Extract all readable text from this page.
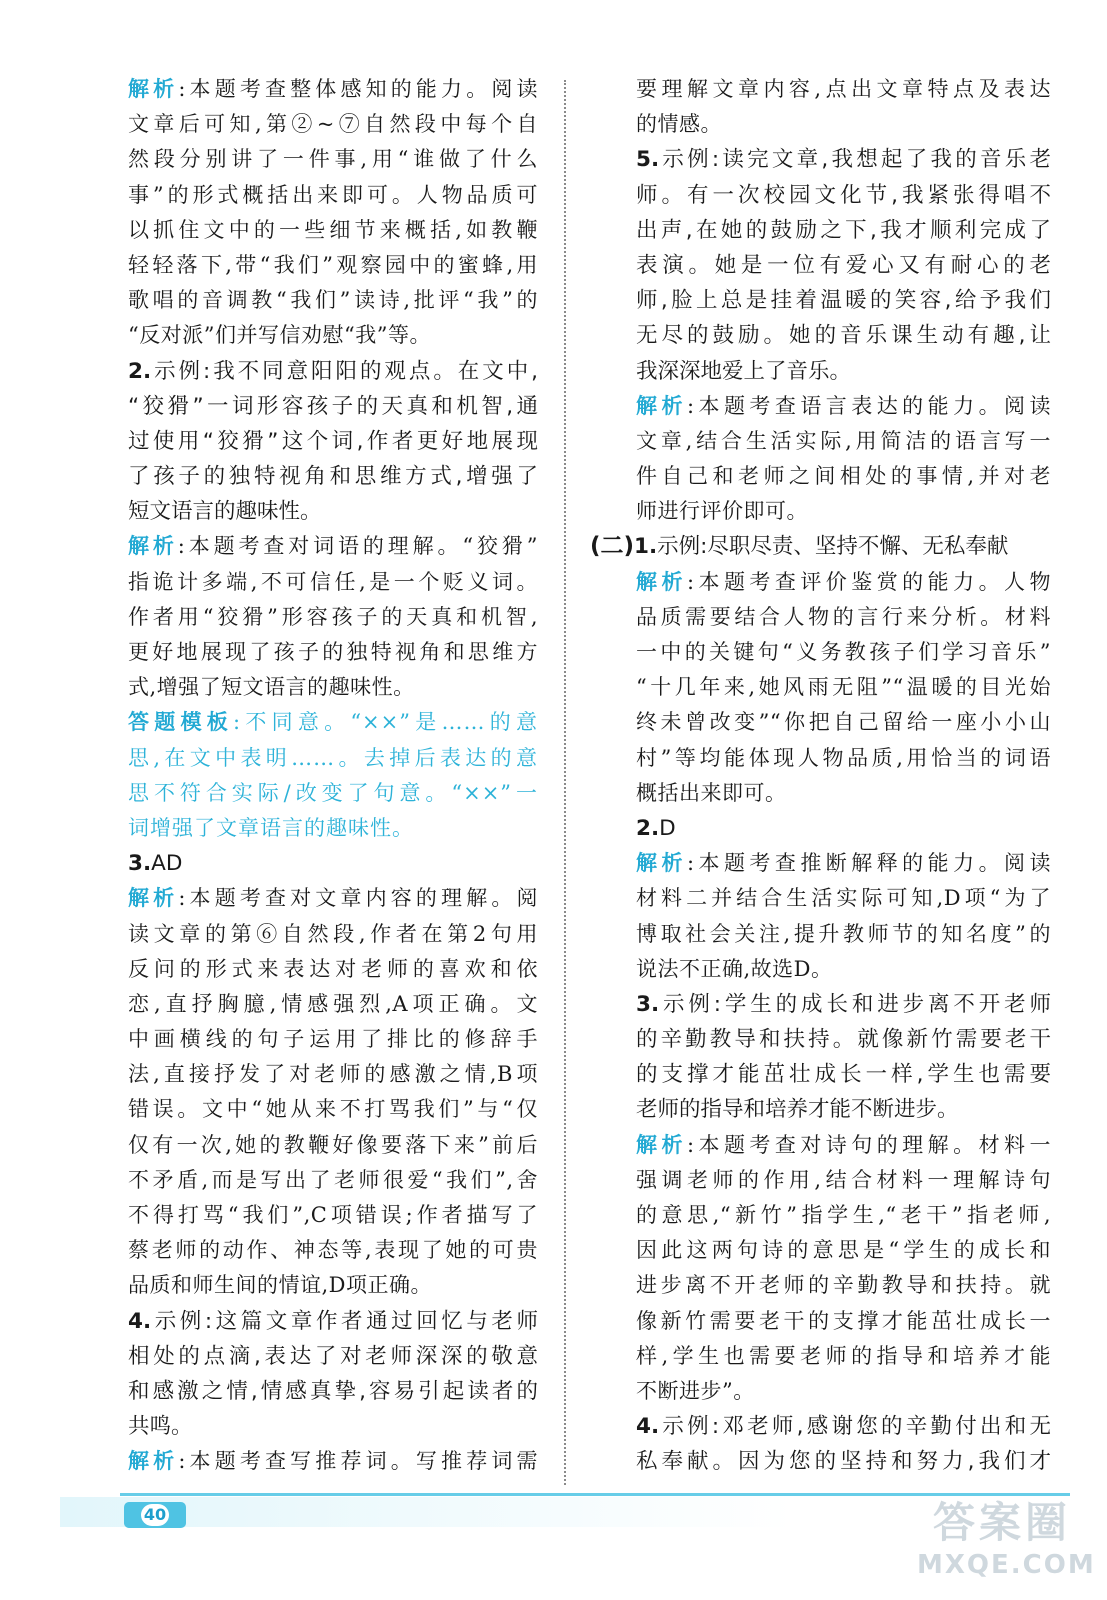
解析:本题考查整体感知的能力。阅读
文章后可知,第②~⑦自然段中每个自
然段分别讲了一件事,用“谁做了什么
事”的形式概括出来即可。人物品质可
以抓住文中的一些细节来概括,如教鞭
轻轻落下,带“我们”观察园中的蜜蜂,用
歌唱的音调教“我们”读诗,批评“我”的
“反对派”们并写信劝慰“我”等。
2.示例:我不同意阳阳的观点。在文中,
“狡猾”一词形容孩子的天真和机智,通
过使用“狡猾”这个词,作者更好地展现
了孩子的独特视角和思维方式,增强了
短文语言的趣味性。
解析:本题考查对词语的理解。“狡猾”
指诡计多端,不可信任,是一个贬义词。
作者用“狡猾”形容孩子的天真和机智,
更好地展现了孩子的独特视角和思维方
式,增强了短文语言的趣味性。
答题模板:不同意。“××”是……的意
思,在文中表明……。去掉后表达的意
思不符合实际/改变了句意。“××”一
词增强了文章语言的趣味性。
3.AD
解析:本题考查对文章内容的理解。阅
读文章的第⑥自然段,作者在第2句用
反问的形式来表达对老师的喜欢和依
恋,直抒胸臆,情感强烈,A项正确。文
中画横线的句子运用了排比的修辞手
法,直接抒发了对老师的感激之情,B项
错误。文中“她从来不打骂我们”与“仅
仅有一次,她的教鞭好像要落下来”前后
不矛盾,而是写出了老师很爱“我们”,舍
不得打骂“我们”,C项错误;作者描写了
蔡老师的动作、神态等,表现了她的可贵
品质和师生间的情谊,D项正确。
4.示例:这篇文章作者通过回忆与老师
相处的点滴,表达了对老师深深的敬意
和感激之情,情感真挚,容易引起读者的
共鸣。
解析:本题考查写推荐词。写推荐词需
要理解文章内容,点出文章特点及表达
的情感。
5.示例:读完文章,我想起了我的音乐老
师。有一次校园文化节,我紧张得唱不
出声,在她的鼓励之下,我才顺利完成了
表演。她是一位有爱心又有耐心的老
师,脸上总是挂着温暖的笑容,给予我们
无尽的鼓励。她的音乐课生动有趣,让
我深深地爱上了音乐。
解析:本题考查语言表达的能力。阅读
文章,结合生活实际,用简洁的语言写一
件自己和老师之间相处的事情,并对老
师进行评价即可。
(二)1.示例:尽职尽责、坚持不懈、无私奉献
解析:本题考查评价鉴赏的能力。人物
品质需要结合人物的言行来分析。材料
一中的关键句“义务教孩子们学习音乐”
“十几年来,她风雨无阻”“温暖的目光始
终未曾改变”“你把自己留给一座小小山
村”等均能体现人物品质,用恰当的词语
概括出来即可。
2.D
解析:本题考查推断解释的能力。阅读
材料二并结合生活实际可知,D项“为了
博取社会关注,提升教师节的知名度”的
说法不正确,故选D。
3.示例:学生的成长和进步离不开老师
的辛勤教导和扶持。就像新竹需要老干
的支撑才能茁壮成长一样,学生也需要
老师的指导和培养才能不断进步。
解析:本题考查对诗句的理解。材料一
强调老师的作用,结合材料一理解诗句
的意思,“新竹”指学生,“老干”指老师,
因此这两句诗的意思是“学生的成长和
进步离不开老师的辛勤教导和扶持。就
像新竹需要老干的支撑才能茁壮成长一
样,学生也需要老师的指导和培养才能
不断进步”。
4.示例:邓老师,感谢您的辛勤付出和无
私奉献。因为您的坚持和努力,我们才
40	答案圈
MXQE.COM
